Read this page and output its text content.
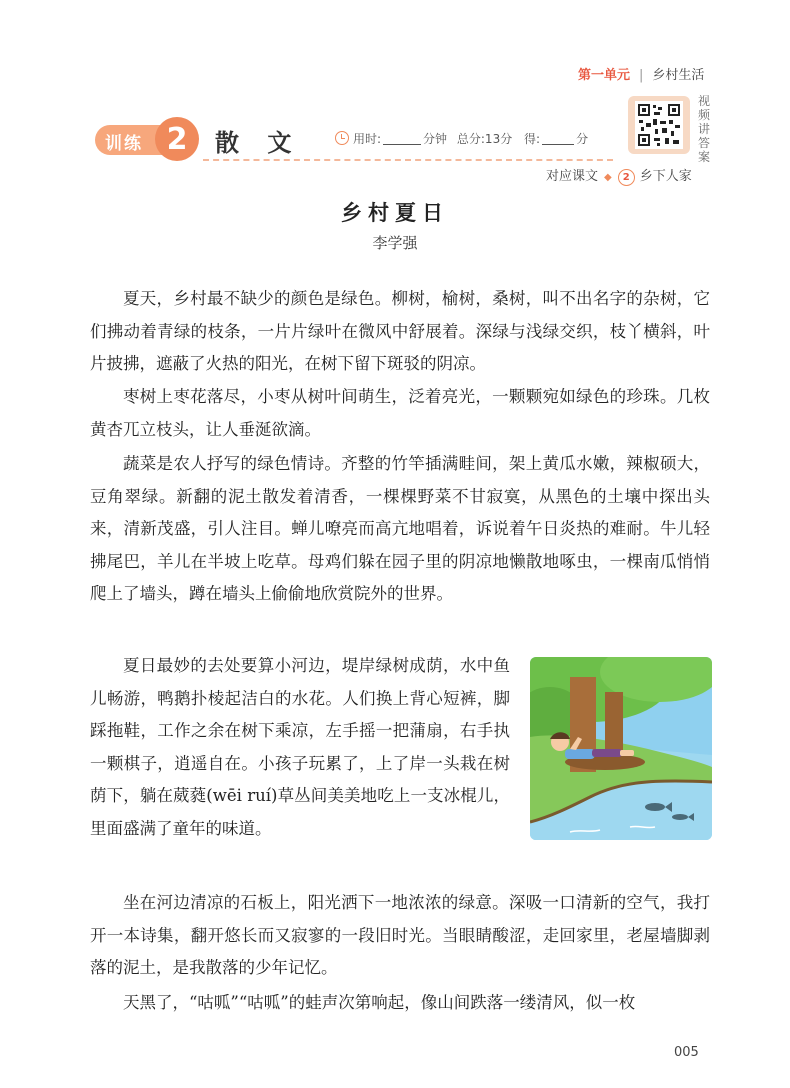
第一单元 | 乡村生活
训练 2	散 文	用时:	分钟 总分:13分 得:	分
视频讲答案
对应课文 ◆ 2 乡下人家
乡村夏日
李学强
夏天，乡村最不缺少的颜色是绿色。柳树，榆树，桑树，叫不出名字的杂树，它们拂动着青绿的枝条，一片片绿叶在微风中舒展着。深绿与浅绿交织，枝丫横斜，叶片披拂，遮蔽了火热的阳光，在树下留下斑驳的阴凉。
枣树上枣花落尽，小枣从树叶间萌生，泛着亮光，一颗颗宛如绿色的珍珠。几枚黄杏兀立枝头，让人垂涎欲滴。
蔬菜是农人抒写的绿色情诗。齐整的竹竿插满畦间，架上黄瓜水嫩，辣椒硕大，豆角翠绿。新翻的泥土散发着清香，一棵棵野菜不甘寂寞，从黑色的土壤中探出头来，清新茂盛，引人注目。蝉儿嘹亮而高亢地唱着，诉说着午日炎热的难耐。牛儿轻拂尾巴，羊儿在半坡上吃草。母鸡们躲在园子里的阴凉地懒散地啄虫，一棵南瓜悄悄爬上了墙头，蹲在墙头上偷偷地欣赏院外的世界。
夏日最妙的去处要算小河边，堤岸绿树成荫，水中鱼儿畅游，鸭鹅扑棱起洁白的水花。人们换上背心短裤，脚踩拖鞋，工作之余在树下乘凉，左手摇一把蒲扇，右手执一颗棋子，逍遥自在。小孩子玩累了，上了岸一头栽在树荫下，躺在葳蕤(wēi ruí)草丛间美美地吃上一支冰棍儿，里面盛满了童年的味道。
坐在河边清凉的石板上，阳光洒下一地浓浓的绿意。深吸一口清新的空气，我打开一本诗集，翻开悠长而又寂寥的一段旧时光。当眼睛酸涩，走回家里，老屋墙脚剥落的泥土，是我散落的少年记忆。
天黑了，“咕呱”“咕呱”的蛙声次第响起，像山间跌落一缕清风，似一枚
005
